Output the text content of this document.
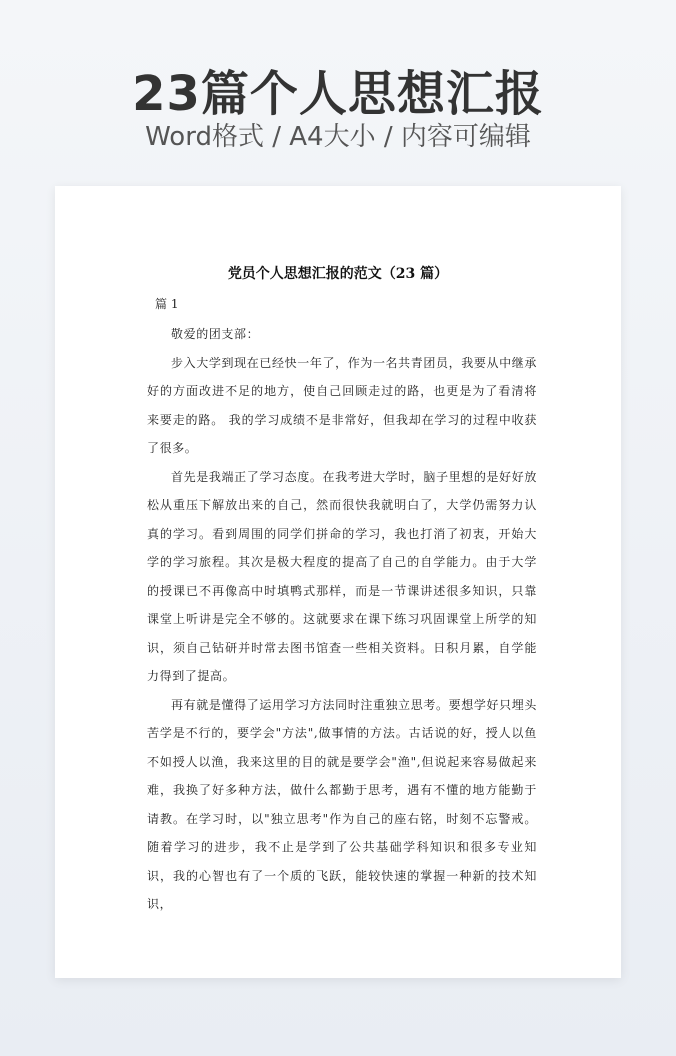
23篇个人思想汇报
Word格式 / A4大小 / 内容可编辑
党员个人思想汇报的范文（23 篇）
篇 1

敬爱的团支部：

步入大学到现在已经快一年了，作为一名共青团员，我要从中继承好的方面改进不足的地方，使自己回顾走过的路，也更是为了看清将来要走的路。 我的学习成绩不是非常好，但我却在学习的过程中收获了很多。

首先是我端正了学习态度。在我考进大学时，脑子里想的是好好放松从重压下解放出来的自己，然而很快我就明白了，大学仍需努力认真的学习。看到周围的同学们拼命的学习，我也打消了初衷，开始大学的学习旅程。其次是极大程度的提高了自己的自学能力。由于大学的授课已不再像高中时填鸭式那样，而是一节课讲述很多知识，只靠课堂上听讲是完全不够的。这就要求在课下练习巩固课堂上所学的知识，须自己钻研并时常去图书馆查一些相关资料。日积月累，自学能力得到了提高。

再有就是懂得了运用学习方法同时注重独立思考。要想学好只埋头苦学是不行的，要学会"方法",做事情的方法。古话说的好，授人以鱼不如授人以渔，我来这里的目的就是要学会"渔",但说起来容易做起来难，我换了好多种方法，做什么都勤于思考，遇有不懂的地方能勤于请教。在学习时，以"独立思考"作为自己的座右铭，时刻不忘警戒。随着学习的进步，我不止是学到了公共基础学科知识和很多专业知识，我的心智也有了一个质的飞跃，能较快速的掌握一种新的技术知识，
